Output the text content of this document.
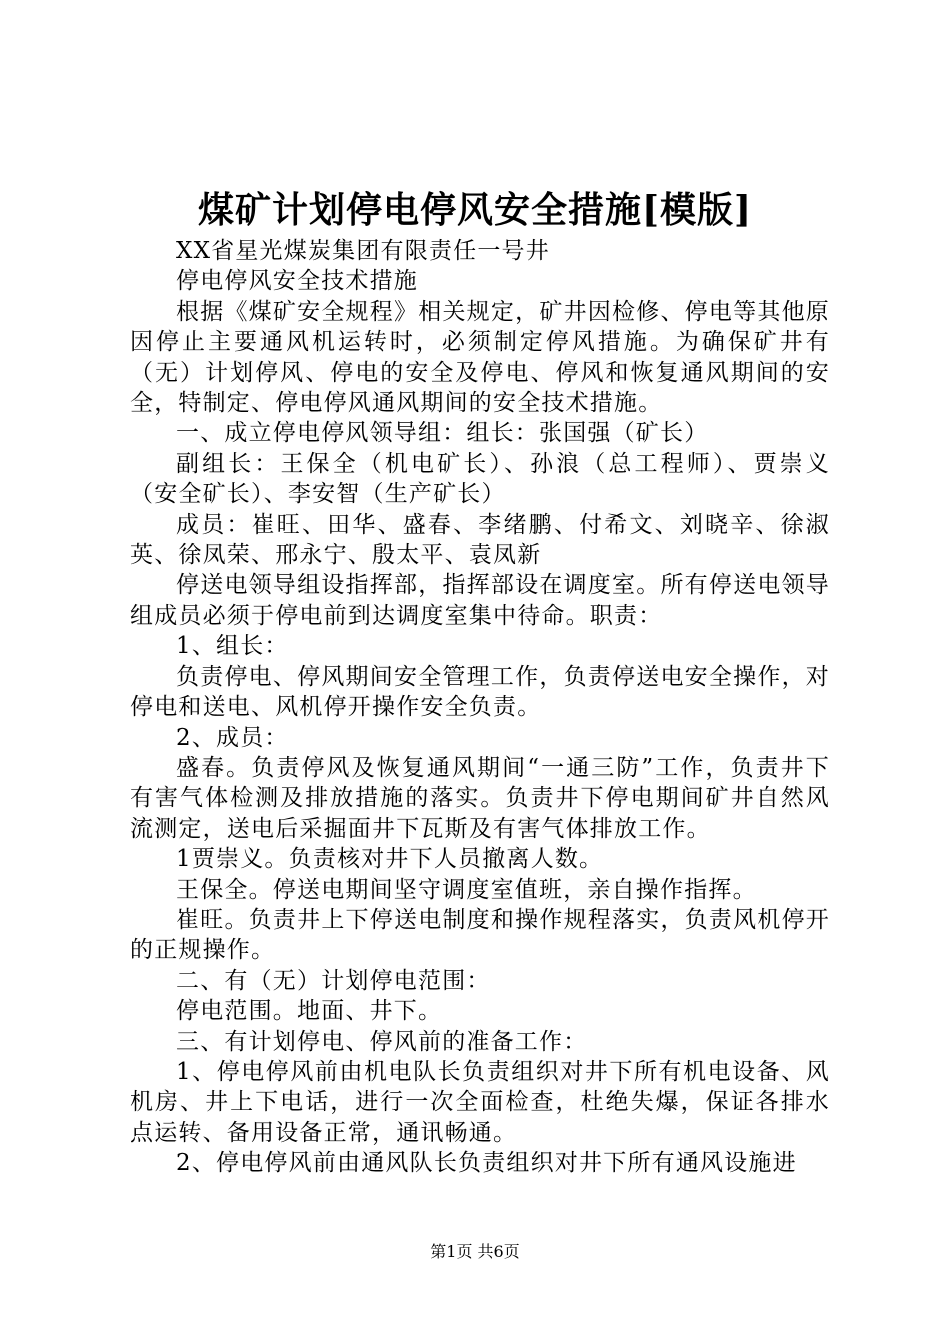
煤矿计划停电停风安全措施[模版]

XX省星光煤炭集团有限责任一号井

停电停风安全技术措施

根据《煤矿安全规程》相关规定，矿井因检修、停电等其他原因停止主要通风机运转时，必须制定停风措施。为确保矿井有（无）计划停风、停电的安全及停电、停风和恢复通风期间的安全，特制定、停电停风通风期间的安全技术措施。

一、成立停电停风领导组：组长：张国强（矿长）

副组长：王保全（机电矿长）、孙浪（总工程师）、贾崇义（安全矿长）、李安智（生产矿长）

成员：崔旺、田华、盛春、李绪鹏、付希文、刘晓辛、徐淑英、徐凤荣、邢永宁、殷太平、袁凤新

停送电领导组设指挥部，指挥部设在调度室。所有停送电领导组成员必须于停电前到达调度室集中待命。职责：

1、组长：

负责停电、停风期间安全管理工作，负责停送电安全操作，对停电和送电、风机停开操作安全负责。

2、成员：

盛春。负责停风及恢复通风期间“一通三防”工作，负责井下有害气体检测及排放措施的落实。负责井下停电期间矿井自然风流测定，送电后采掘面井下瓦斯及有害气体排放工作。

1贾崇义。负责核对井下人员撤离人数。

王保全。停送电期间坚守调度室值班，亲自操作指挥。

崔旺。负责井上下停送电制度和操作规程落实，负责风机停开的正规操作。

二、有（无）计划停电范围：

停电范围。地面、井下。

三、有计划停电、停风前的准备工作：

1、停电停风前由机电队长负责组织对井下所有机电设备、风机房、井上下电话，进行一次全面检查，杜绝失爆，保证各排水点运转、备用设备正常，通讯畅通。

2、停电停风前由通风队长负责组织对井下所有通风设施进

第1页 共6页
